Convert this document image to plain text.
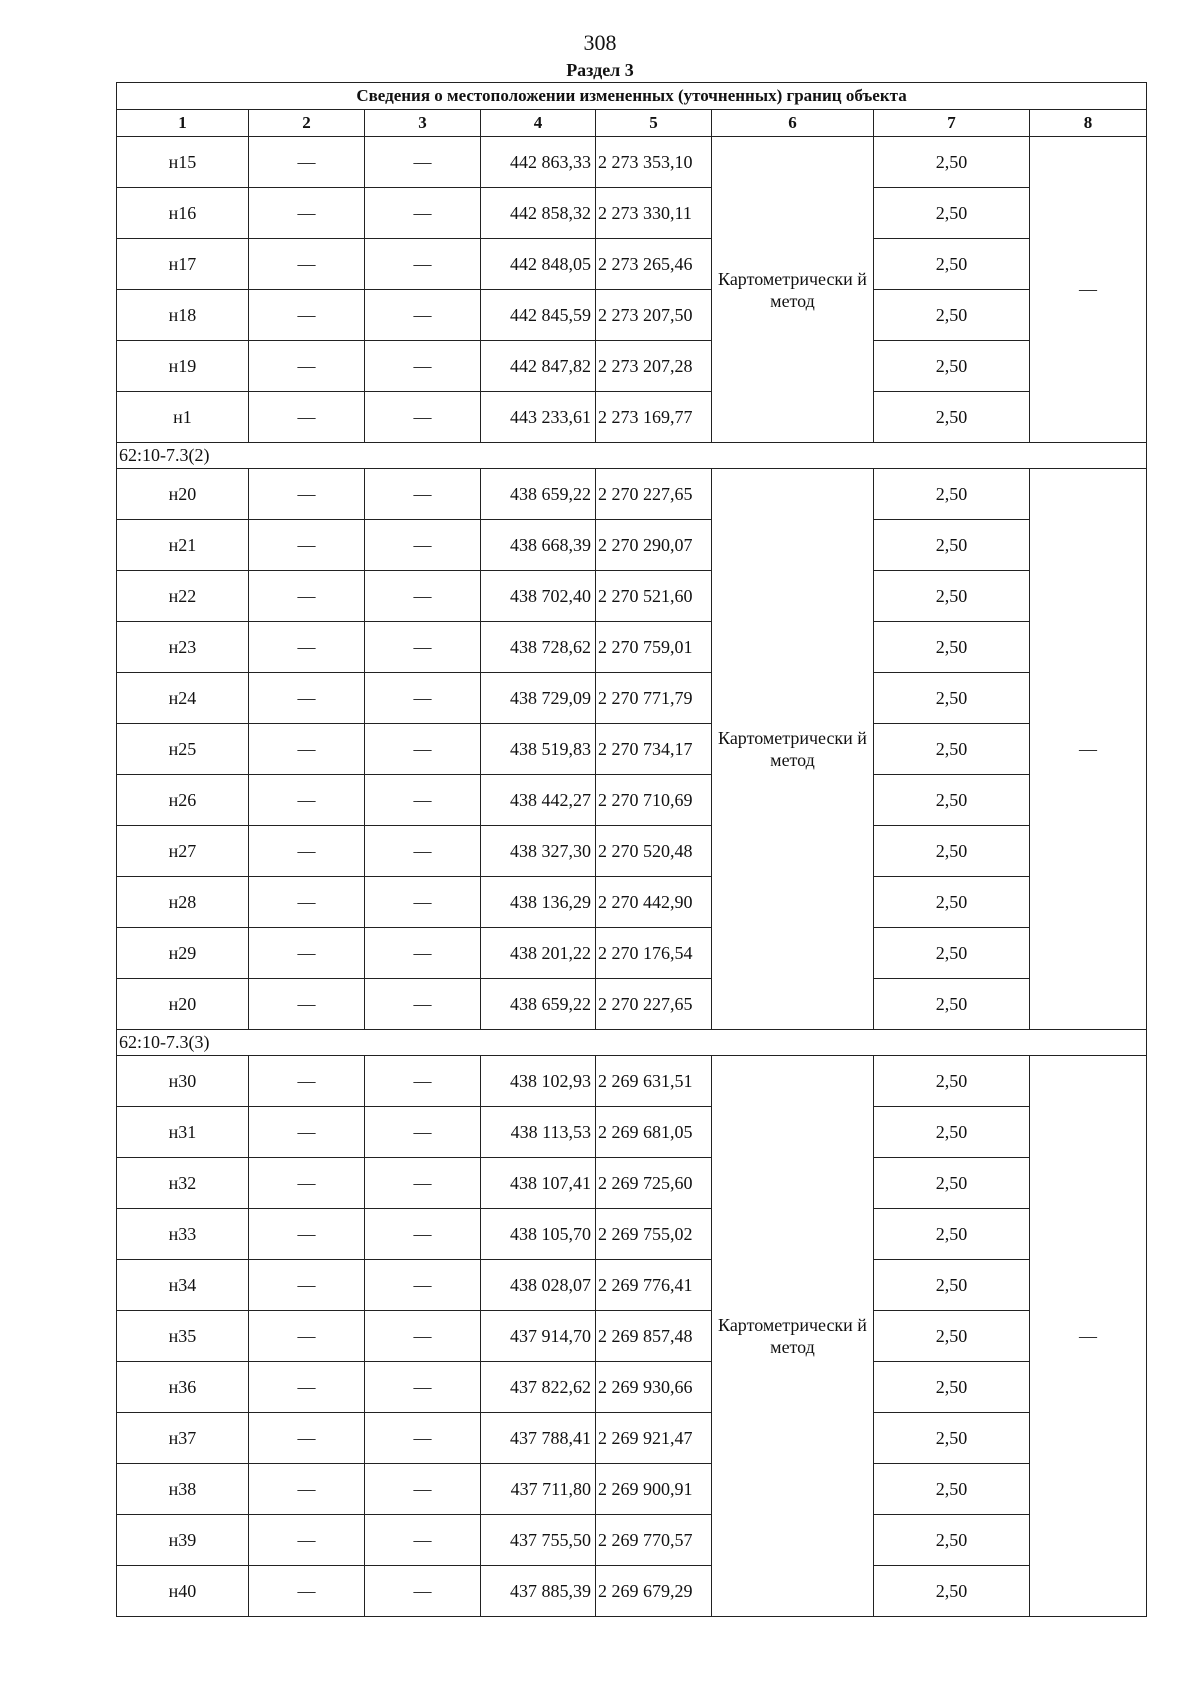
308
Раздел 3
Сведения о местоположении измененных (уточненных) границ объекта							
1	2	3	4	5	6	7	8
н15	—	—	442 863,33	2 273 353,10	Картометрически й метод	2,50	—
н16	—	—	442 858,32	2 273 330,11		2,50	
н17	—	—	442 848,05	2 273 265,46		2,50	
н18	—	—	442 845,59	2 273 207,50		2,50	
н19	—	—	442 847,82	2 273 207,28		2,50	
н1	—	—	443 233,61	2 273 169,77		2,50	
62:10-7.3(2)							
н20	—	—	438 659,22	2 270 227,65	Картометрически й метод	2,50	—
н21	—	—	438 668,39	2 270 290,07		2,50	
н22	—	—	438 702,40	2 270 521,60		2,50	
н23	—	—	438 728,62	2 270 759,01		2,50	
н24	—	—	438 729,09	2 270 771,79		2,50	
н25	—	—	438 519,83	2 270 734,17		2,50	
н26	—	—	438 442,27	2 270 710,69		2,50	
н27	—	—	438 327,30	2 270 520,48		2,50	
н28	—	—	438 136,29	2 270 442,90		2,50	
н29	—	—	438 201,22	2 270 176,54		2,50	
н20	—	—	438 659,22	2 270 227,65		2,50	
62:10-7.3(3)							
н30	—	—	438 102,93	2 269 631,51	Картометрически й метод	2,50	—
н31	—	—	438 113,53	2 269 681,05		2,50	
н32	—	—	438 107,41	2 269 725,60		2,50	
н33	—	—	438 105,70	2 269 755,02		2,50	
н34	—	—	438 028,07	2 269 776,41		2,50	
н35	—	—	437 914,70	2 269 857,48		2,50	
н36	—	—	437 822,62	2 269 930,66		2,50	
н37	—	—	437 788,41	2 269 921,47		2,50	
н38	—	—	437 711,80	2 269 900,91		2,50	
н39	—	—	437 755,50	2 269 770,57		2,50	
н40	—	—	437 885,39	2 269 679,29		2,50	
